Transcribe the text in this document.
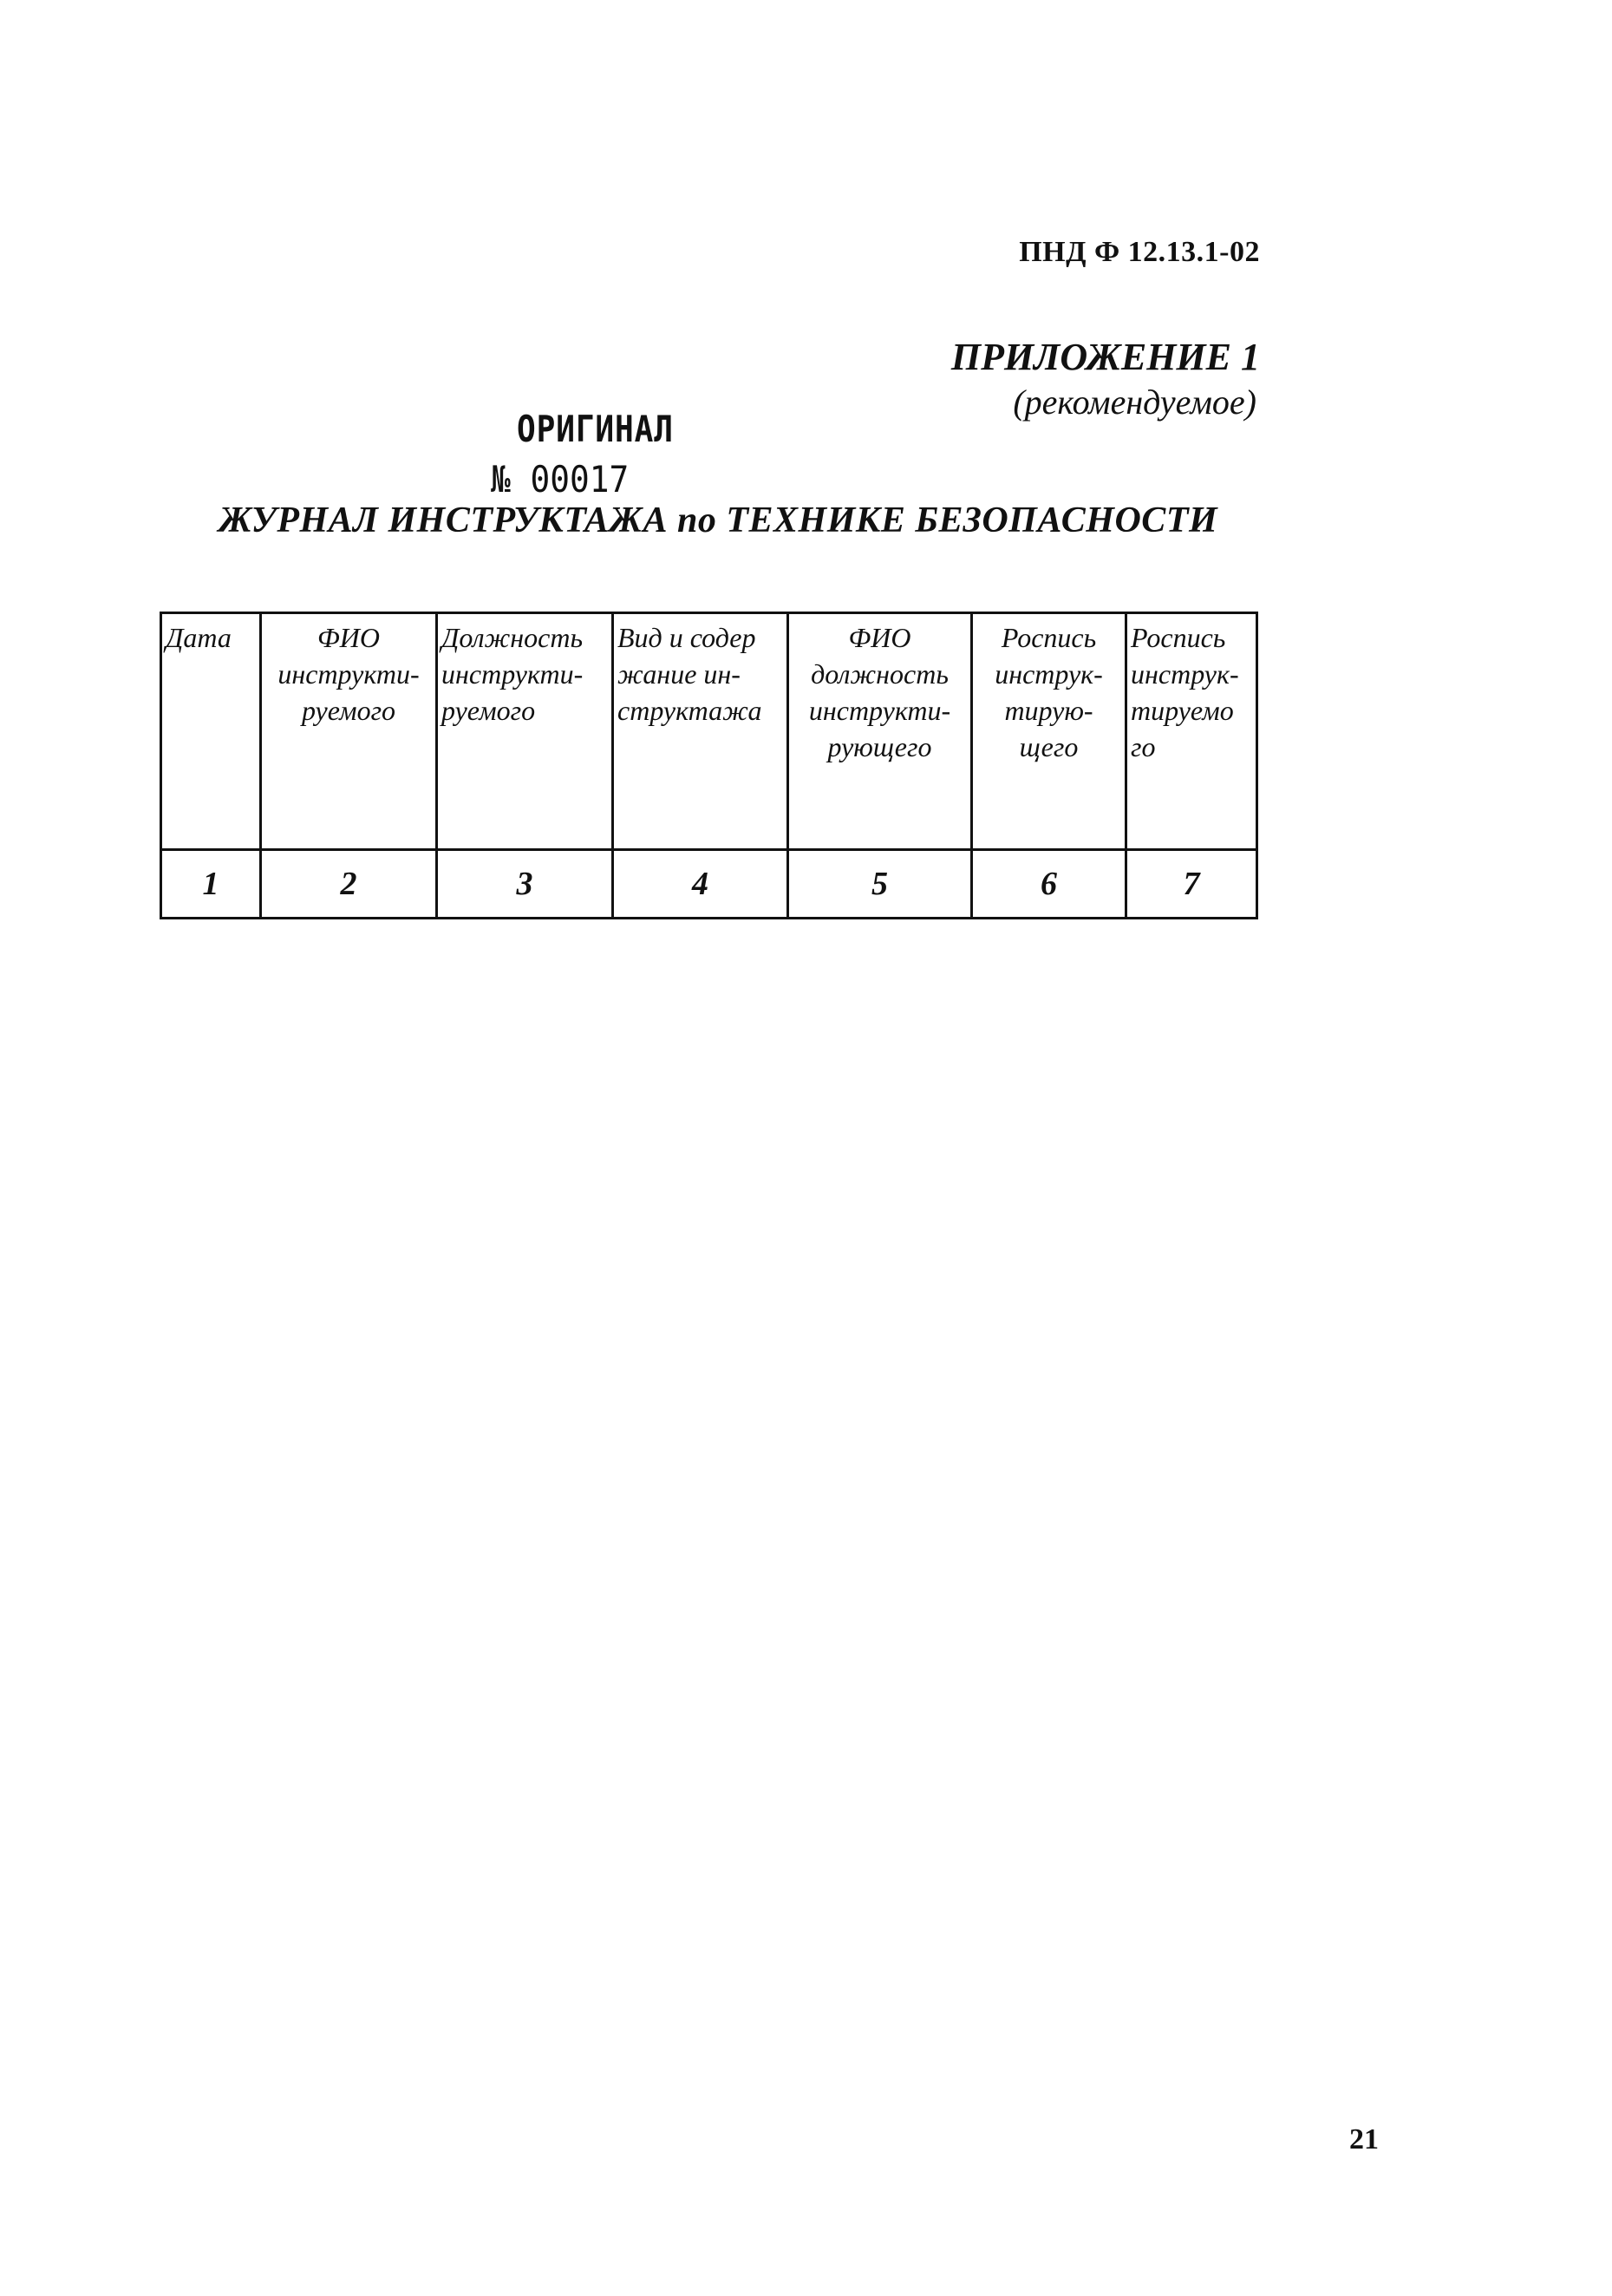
ПНД Ф 12.13.1-02
ПРИЛОЖЕНИЕ 1
(рекомендуемое)
ОРИГИНАЛ
№ 00017
ЖУРНАЛ ИНСТРУКТАЖА по ТЕХНИКЕ БЕЗОПАСНОСТИ
Дата	ФИО инструкти-руемого	Должность инструкти-руемого	Вид и содер жание ин-структажа	ФИО должность инструкти-рующего	Роспись инструк-тирую-щего	Роспись инструк-тируемо го
1	2	3	4	5	6	7
21
